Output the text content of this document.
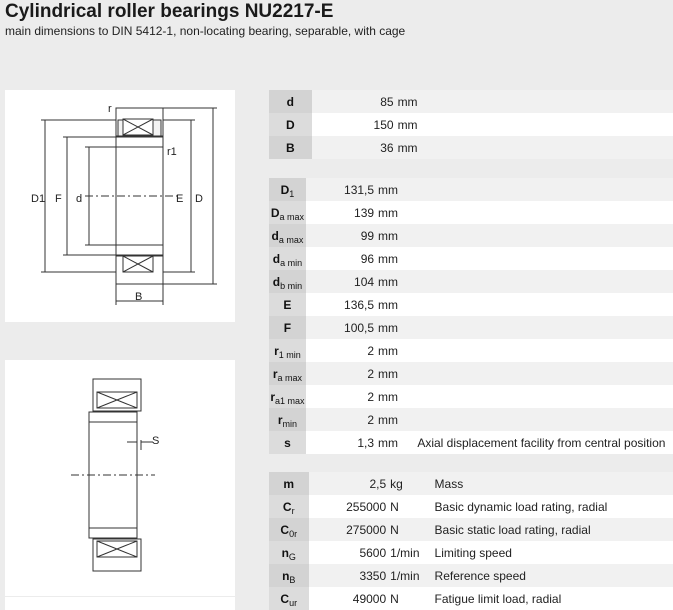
Cylindrical roller bearings NU2217-E
main dimensions to DIN 5412-1, non-locating bearing, separable, with cage
r
r1
D1 F d	E D
B
S
d	85	mm	
D	150	mm	
B	36	mm	
$D_1$	131,5	mm	
$D_{a max}$	139	mm	
$d_{a max}$	99	mm	
$d_{a min}$	96	mm	
$d_{b min}$	104	mm	
E	136,5	mm	
F	100,5	mm	
$r_{1 min}$	2	mm	
$r_{a max}$	2	mm	
$r_{a1 max}$	2	mm	
$r_{min}$	2	mm	
s	1,3	mm	Axial displacement facility from central position
m	2,5	kg	Mass
$C_r$	255000	N	Basic dynamic load rating, radial
$C_{0r}$	275000	N	Basic static load rating, radial
$n_G$	5600	1/min	Limiting speed
$n_B$	3350	1/min	Reference speed
$C_{ur}$	49000	N	Fatigue limit load, radial
